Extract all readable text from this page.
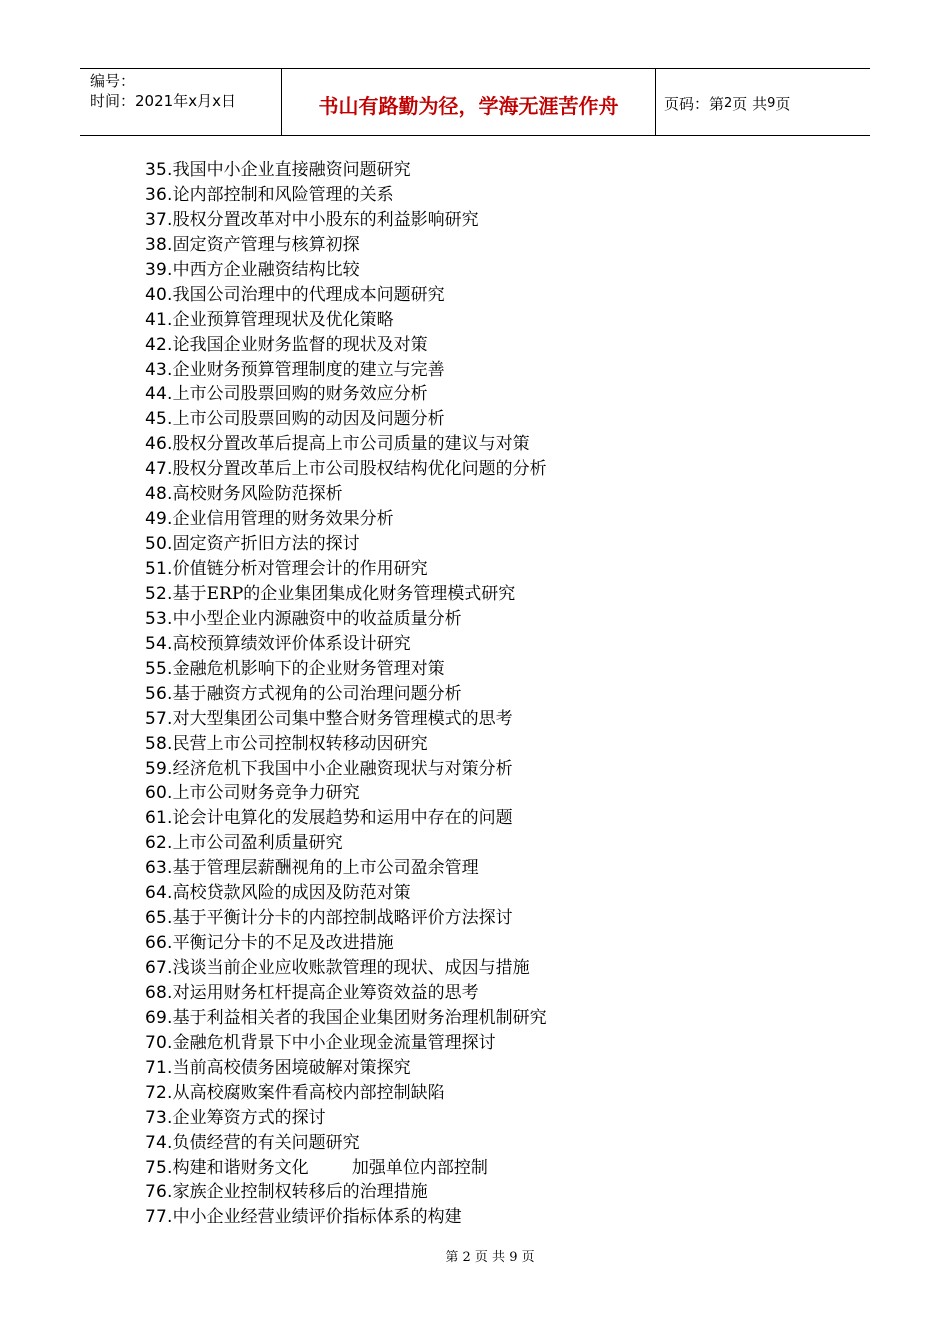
编号：
时间：2021年x月x日	书山有路勤为径，学海无涯苦作舟	页码：第 2 页 共 9 页
35. 我国中小企业直接融资问题研究
36. 论内部控制和风险管理的关系
37. 股权分置改革对中小股东的利益影响研究
38. 固定资产管理与核算初探
39. 中西方企业融资结构比较
40. 我国公司治理中的代理成本问题研究
41. 企业预算管理现状及优化策略
42. 论我国企业财务监督的现状及对策
43. 企业财务预算管理制度的建立与完善
44. 上市公司股票回购的财务效应分析
45. 上市公司股票回购的动因及问题分析
46. 股权分置改革后提高上市公司质量的建议与对策
47. 股权分置改革后上市公司股权结构优化问题的分析
48. 高校财务风险防范探析
49. 企业信用管理的财务效果分析
50. 固定资产折旧方法的探讨
51. 价值链分析对管理会计的作用研究
52. 基于ERP的企业集团集成化财务管理模式研究
53. 中小型企业内源融资中的收益质量分析
54. 高校预算绩效评价体系设计研究
55. 金融危机影响下的企业财务管理对策
56. 基于融资方式视角的公司治理问题分析
57. 对大型集团公司集中整合财务管理模式的思考
58. 民营上市公司控制权转移动因研究
59. 经济危机下我国中小企业融资现状与对策分析
60. 上市公司财务竞争力研究
61. 论会计电算化的发展趋势和运用中存在的问题
62. 上市公司盈利质量研究
63. 基于管理层薪酬视角的上市公司盈余管理
64. 高校贷款风险的成因及防范对策
65. 基于平衡计分卡的内部控制战略评价方法探讨
66. 平衡记分卡的不足及改进措施
67. 浅谈当前企业应收账款管理的现状、成因与措施
68. 对运用财务杠杆提高企业筹资效益的思考
69. 基于利益相关者的我国企业集团财务治理机制研究
70. 金融危机背景下中小企业现金流量管理探讨
71. 当前高校债务困境破解对策探究
72. 从高校腐败案件看高校内部控制缺陷
73. 企业筹资方式的探讨
74. 负债经营的有关问题研究
75. 构建和谐财务文化        加强单位内部控制
76. 家族企业控制权转移后的治理措施
77. 中小企业经营业绩评价指标体系的构建
第 2 页 共 9 页
